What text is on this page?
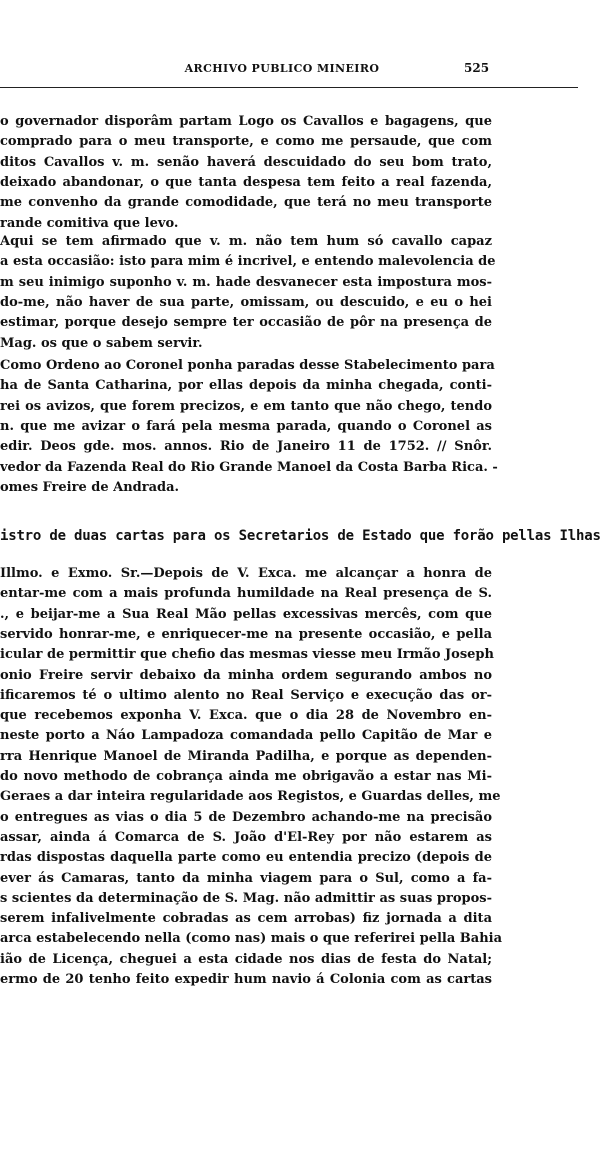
ARCHIVO PUBLICO MINEIRO	525
o governador disporâm partam Logo os Cavallos e bagagens, que
comprado para o meu transporte, e como me persaude, que com
ditos Cavallos v. m. senão haverá descuidado do seu bom trato,
deixado abandonar, o que tanta despesa tem feito a real fazenda,
me convenho da grande comodidade, que terá no meu transporte
rande comitiva que levo.
Aqui se tem afirmado que v. m. não tem hum só cavallo capaz
a esta occasião: isto para mim é incrivel, e entendo malevolencia de
m seu inimigo suponho v. m. hade desvanecer esta impostura mos-
do-me, não haver de sua parte, omissam, ou descuido, e eu o hei
estimar, porque desejo sempre ter occasião de pôr na presença de
Mag. os que o sabem servir.
Como Ordeno ao Coronel ponha paradas desse Stabelecimento para
ha de Santa Catharina, por ellas depois da minha chegada, conti-
rei os avizos, que forem precizos, e em tanto que não chego, tendo
n. que me avizar o fará pela mesma parada, quando o Coronel as
edir. Deos gde. mos. annos. Rio de Janeiro 11 de 1752. // Snôr.
vedor da Fazenda Real do Rio Grande Manoel da Costa Barba Rica. -
omes Freire de Andrada.
istro de duas cartas para os Secretarios de Estado que forão pellas Ilhas
Illmo. e Exmo. Sr.—Depois de V. Exca. me alcançar a honra de
entar-me com a mais profunda humildade na Real presença de S.
., e beijar-me a Sua Real Mão pellas excessivas mercês, com que
servido honrar-me, e enriquecer-me na presente occasião, e pella
icular de permittir que chefio das mesmas viesse meu Irmão Joseph
onio Freire servir debaixo da minha ordem segurando ambos no
ificaremos té o ultimo alento no Real Serviço e execução das or-
que recebemos exponha V. Exca. que o dia 28 de Novembro en-
neste porto a Náo Lampadoza comandada pello Capitão de Mar e
rra Henrique Manoel de Miranda Padilha, e porque as dependen-
do novo methodo de cobrança ainda me obrigavão a estar nas Mi-
Geraes a dar inteira regularidade aos Registos, e Guardas delles, me
o entregues as vias o dia 5 de Dezembro achando-me na precisão
assar, ainda á Comarca de S. João d'El-Rey por não estarem as
rdas dispostas daquella parte como eu entendia precizo (depois de
ever ás Camaras, tanto da minha viagem para o Sul, como a fa-
s scientes da determinação de S. Mag. não admittir as suas propos-
serem infalivelmente cobradas as cem arrobas) fiz jornada a dita
arca estabelecendo nella (como nas) mais o que referirei pella Bahia
ião de Licença, cheguei a esta cidade nos dias de festa do Natal;
ermo de 20 tenho feito expedir hum navio á Colonia com as cartas
